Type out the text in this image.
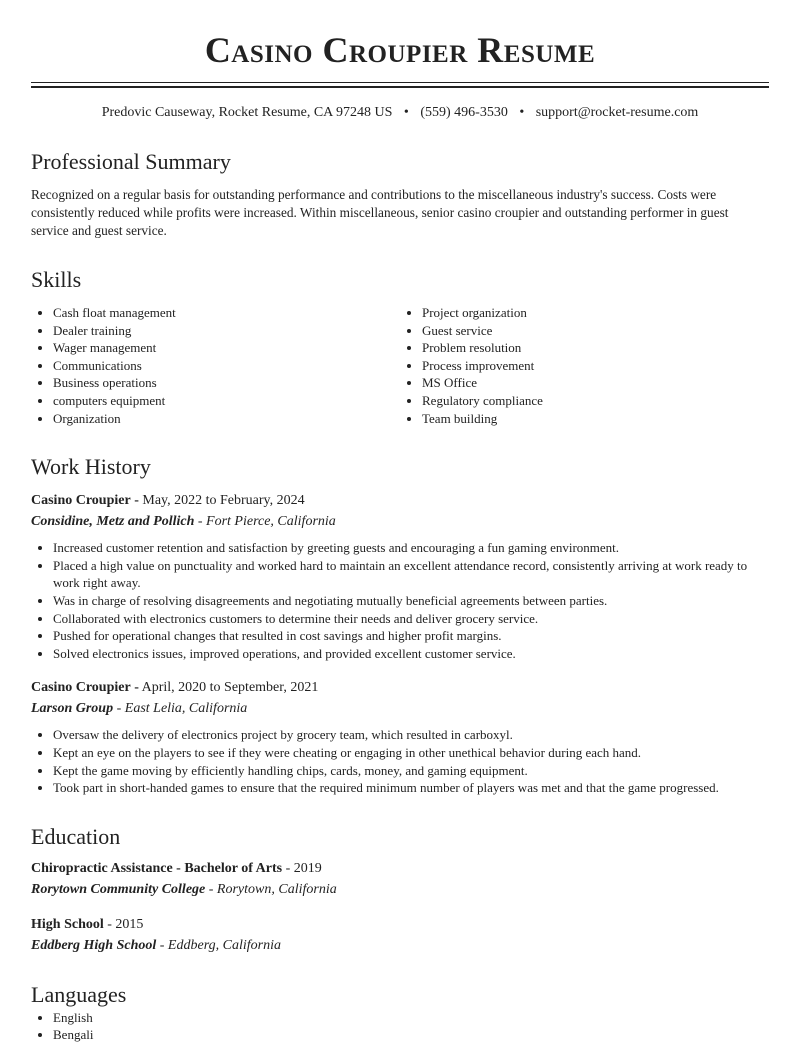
Casino Croupier Resume
Predovic Causeway, Rocket Resume, CA 97248 US • (559) 496-3530 • support@rocket-resume.com
Professional Summary

Recognized on a regular basis for outstanding performance and contributions to the miscellaneous industry's success. Costs were consistently reduced while profits were increased. Within miscellaneous, senior casino croupier and outstanding performer in guest service and guest service.

Skills
• Cash float management
• Dealer training
• Wager management
• Communications
• Business operations
• computers equipment
• Organization
• Project organization
• Guest service
• Problem resolution
• Process improvement
• MS Office
• Regulatory compliance
• Team building
Work History
Casino Croupier - May, 2022 to February, 2024
Considine, Metz and Pollich - Fort Pierce, California
• Increased customer retention and satisfaction by greeting guests and encouraging a fun gaming environment.
• Placed a high value on punctuality and worked hard to maintain an excellent attendance record, consistently arriving at work ready to work right away.
• Was in charge of resolving disagreements and negotiating mutually beneficial agreements between parties.
• Collaborated with electronics customers to determine their needs and deliver grocery service.
• Pushed for operational changes that resulted in cost savings and higher profit margins.
• Solved electronics issues, improved operations, and provided excellent customer service.
Casino Croupier - April, 2020 to September, 2021
Larson Group - East Lelia, California
• Oversaw the delivery of electronics project by grocery team, which resulted in carboxyl.
• Kept an eye on the players to see if they were cheating or engaging in other unethical behavior during each hand.
• Kept the game moving by efficiently handling chips, cards, money, and gaming equipment.
• Took part in short-handed games to ensure that the required minimum number of players was met and that the game progressed.
Education
Chiropractic Assistance - Bachelor of Arts - 2019
Rorytown Community College - Rorytown, California
High School - 2015
Eddberg High School - Eddberg, California
Languages
• English
• Bengali
